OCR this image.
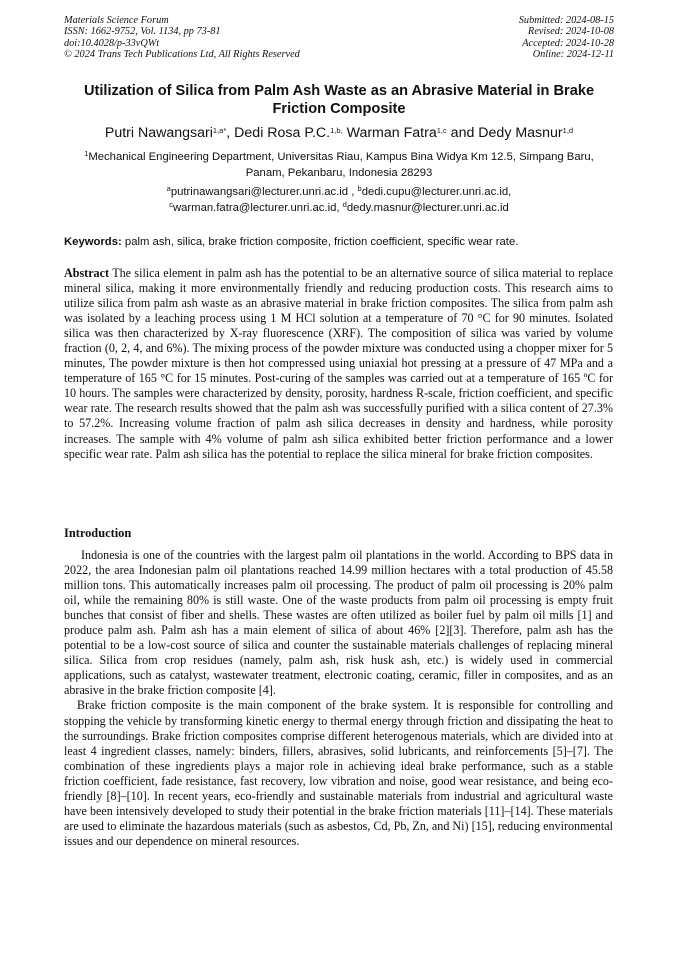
Materials Science Forum
ISSN: 1662-9752, Vol. 1134, pp 73-81
doi:10.4028/p-33vQWt
© 2024 Trans Tech Publications Ltd, All Rights Reserved
Submitted: 2024-08-15
Revised: 2024-10-08
Accepted: 2024-10-28
Online: 2024-12-11
Utilization of Silica from Palm Ash Waste as an Abrasive Material in Brake Friction Composite
Putri Nawangsari$^{1,a*}$, Dedi Rosa P.C.$^{1,b,}$ Warman Fatra$^{1,c}$ and Dedy Masnur$^{1,d}$
$^1$Mechanical Engineering Department, Universitas Riau, Kampus Bina Widya Km 12.5, Simpang Baru, Panam, Pekanbaru, Indonesia 28293
$^a$putrinawangsari@lecturer.unri.ac.id , $^b$dedi.cupu@lecturer.unri.ac.id,
$^c$warman.fatra@lecturer.unri.ac.id, $^d$dedy.masnur@lecturer.unri.ac.id
Keywords: palm ash, silica, brake friction composite, friction coefficient, specific wear rate.
Abstract The silica element in palm ash has the potential to be an alternative source of silica material to replace mineral silica, making it more environmentally friendly and reducing production costs. This research aims to utilize silica from palm ash waste as an abrasive material in brake friction composites. The silica from palm ash was isolated by a leaching process using 1 M HCl solution at a temperature of 70 °C for 90 minutes. Isolated silica was then characterized by X-ray fluorescence (XRF). The composition of silica was varied by volume fraction (0, 2, 4, and 6%). The mixing process of the powder mixture was conducted using a chopper mixer for 5 minutes, The powder mixture is then hot compressed using uniaxial hot pressing at a pressure of 47 MPa and a temperature of 165 °C for 15 minutes. Post-curing of the samples was carried out at a temperature of 165 ºC for 10 hours. The samples were characterized by density, porosity, hardness R-scale, friction coefficient, and specific wear rate. The research results showed that the palm ash was successfully purified with a silica content of 27.3% to 57.2%. Increasing volume fraction of palm ash silica decreases in density and hardness, while porosity increases. The sample with 4% volume of palm ash silica exhibited better friction performance and a lower specific wear rate. Palm ash silica has the potential to replace the silica mineral for brake friction composites.
Introduction

Indonesia is one of the countries with the largest palm oil plantations in the world. According to BPS data in 2022, the area Indonesian palm oil plantations reached 14.99 million hectares with a total production of 45.58 million tons. This automatically increases palm oil processing. The product of palm oil processing is 20% palm oil, while the remaining 80% is still waste. One of the waste products from palm oil processing is empty fruit bunches that consist of fiber and shells. These wastes are often utilized as boiler fuel by palm oil mills [1] and produce palm ash. Palm ash has a main element of silica of about 46% [2][3]. Therefore, palm ash has the potential to be a low-cost source of silica and counter the sustainable materials challenges of replacing mineral silica. Silica from crop residues (namely, palm ash, risk husk ash, etc.) is widely used in commercial applications, such as catalyst, wastewater treatment, electronic coating, ceramic, filler in composites, and as an abrasive in the brake friction composite [4].

Brake friction composite is the main component of the brake system. It is responsible for controlling and stopping the vehicle by transforming kinetic energy to thermal energy through friction and dissipating the heat to the surroundings. Brake friction composites comprise different heterogenous materials, which are divided into at least 4 ingredient classes, namely: binders, fillers, abrasives, solid lubricants, and reinforcements [5]–[7]. The combination of these ingredients plays a major role in achieving ideal brake performance, such as a stable friction coefficient, fade resistance, fast recovery, low vibration and noise, good wear resistance, and being eco-friendly [8]–[10]. In recent years, eco-friendly and sustainable materials from industrial and agricultural waste have been intensively developed to study their potential in the brake friction materials [11]–[14]. These materials are used to eliminate the hazardous materials (such as asbestos, Cd, Pb, Zn, and Ni) [15], reducing environmental issues and our dependence on mineral resources.
